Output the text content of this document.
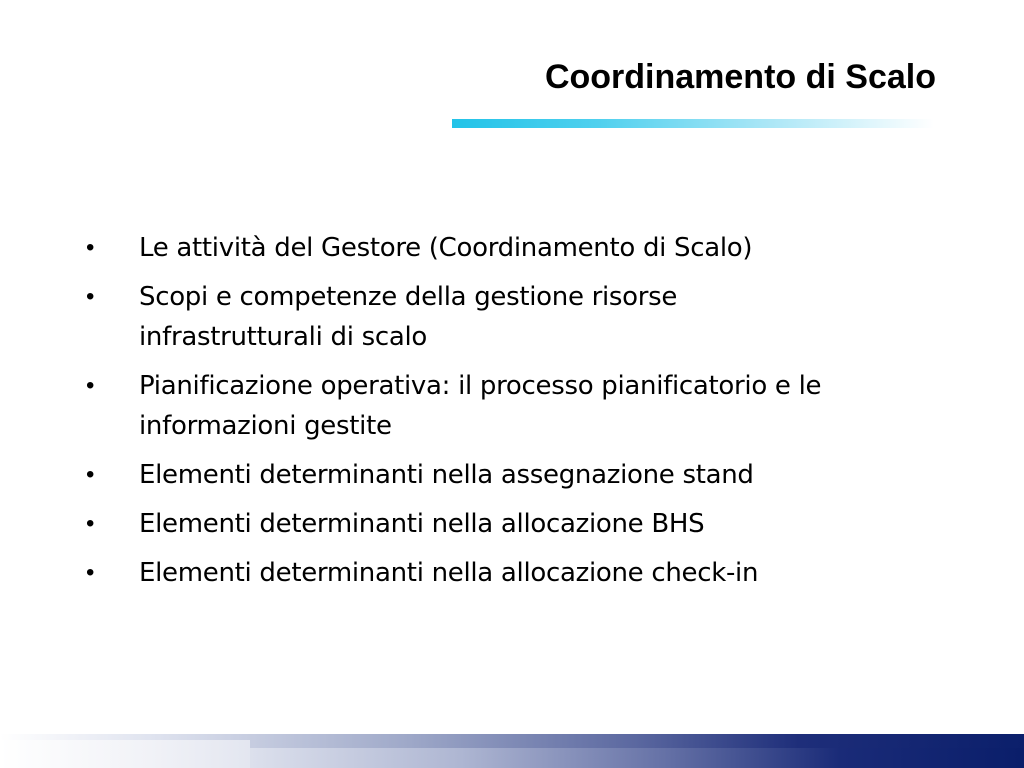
Coordinamento di Scalo
•	Le attività del Gestore (Coordinamento di Scalo)
•	Scopi e competenze della gestione risorse infrastrutturali di scalo
•	Pianificazione operativa: il processo pianificatorio e le informazioni gestite
•	Elementi determinanti nella assegnazione stand
•	Elementi determinanti nella allocazione BHS
•	Elementi determinanti nella allocazione check-in
